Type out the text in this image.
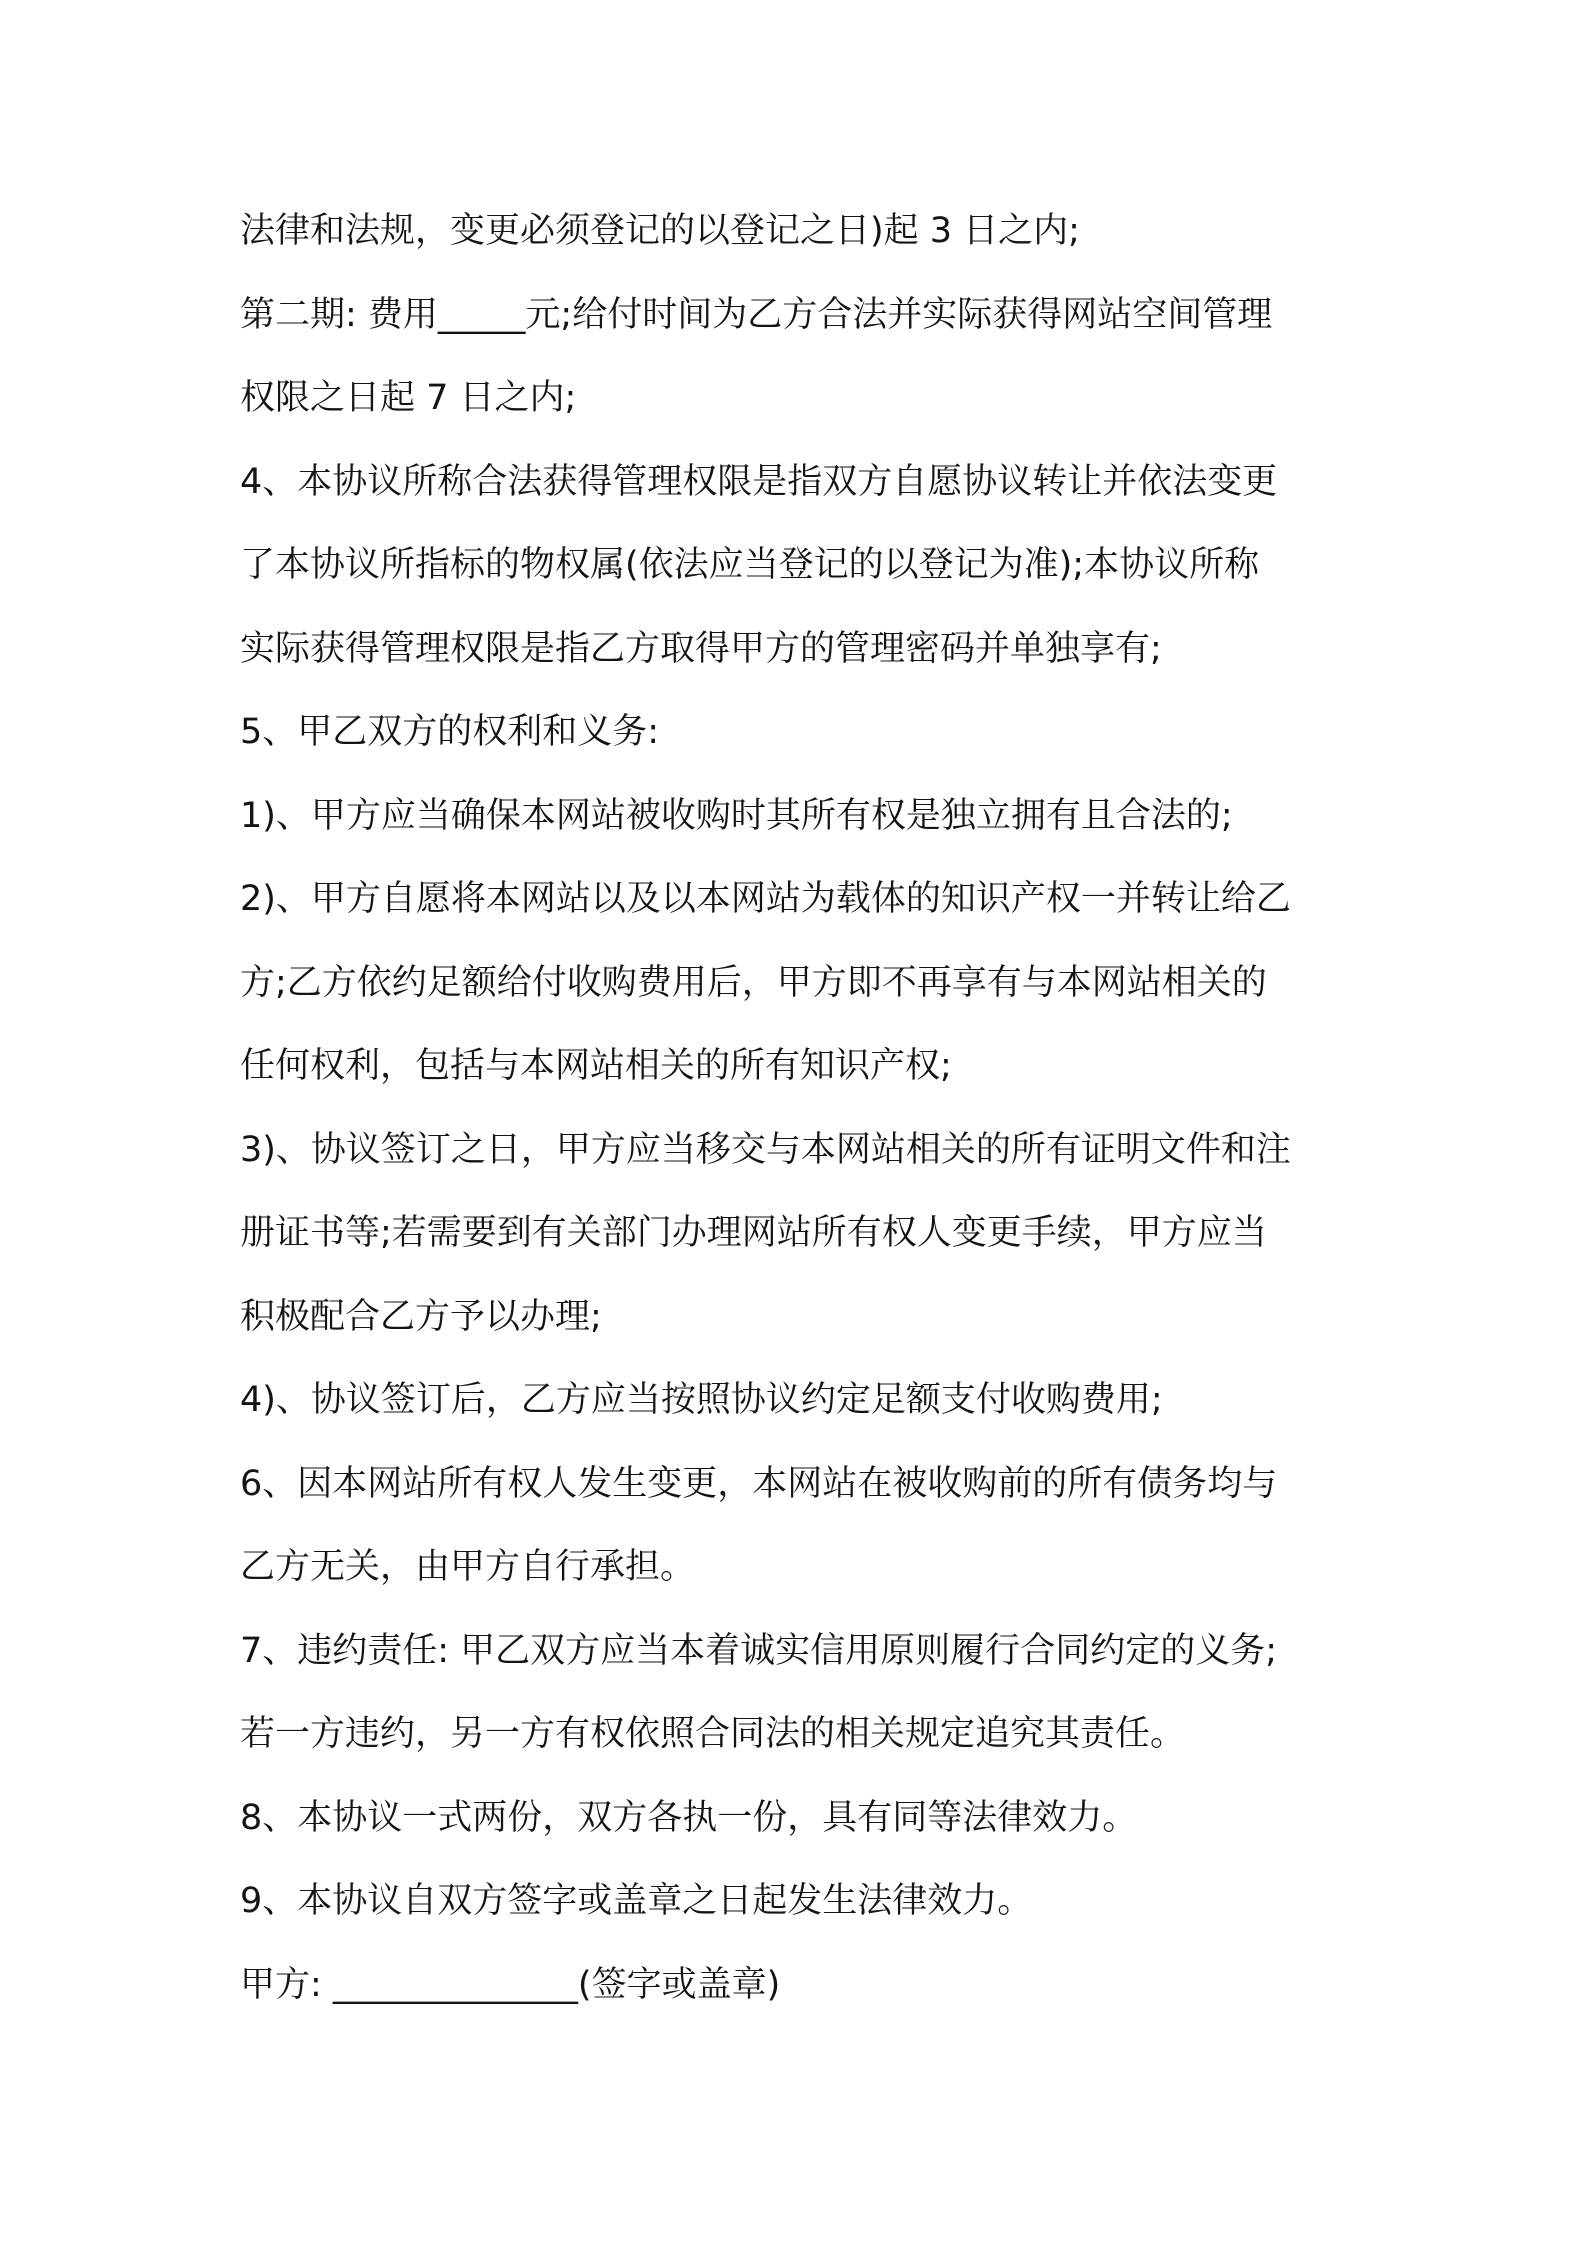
法律和法规，变更必须登记的以登记之日)起 3 日之内;
第二期: 费用_____元;给付时间为乙方合法并实际获得网站空间管理
权限之日起 7 日之内;
4、本协议所称合法获得管理权限是指双方自愿协议转让并依法变更
了本协议所指标的物权属(依法应当登记的以登记为准);本协议所称
实际获得管理权限是指乙方取得甲方的管理密码并单独享有;
5、甲乙双方的权利和义务:
1)、甲方应当确保本网站被收购时其所有权是独立拥有且合法的;
2)、甲方自愿将本网站以及以本网站为载体的知识产权一并转让给乙
方;乙方依约足额给付收购费用后，甲方即不再享有与本网站相关的
任何权利，包括与本网站相关的所有知识产权;
3)、协议签订之日，甲方应当移交与本网站相关的所有证明文件和注
册证书等;若需要到有关部门办理网站所有权人变更手续，甲方应当
积极配合乙方予以办理;
4)、协议签订后，乙方应当按照协议约定足额支付收购费用;
6、因本网站所有权人发生变更，本网站在被收购前的所有债务均与
乙方无关，由甲方自行承担。
7、违约责任: 甲乙双方应当本着诚实信用原则履行合同约定的义务;
若一方违约，另一方有权依照合同法的相关规定追究其责任。
8、本协议一式两份，双方各执一份，具有同等法律效力。
9、本协议自双方签字或盖章之日起发生法律效力。
甲方: ______________(签字或盖章)
